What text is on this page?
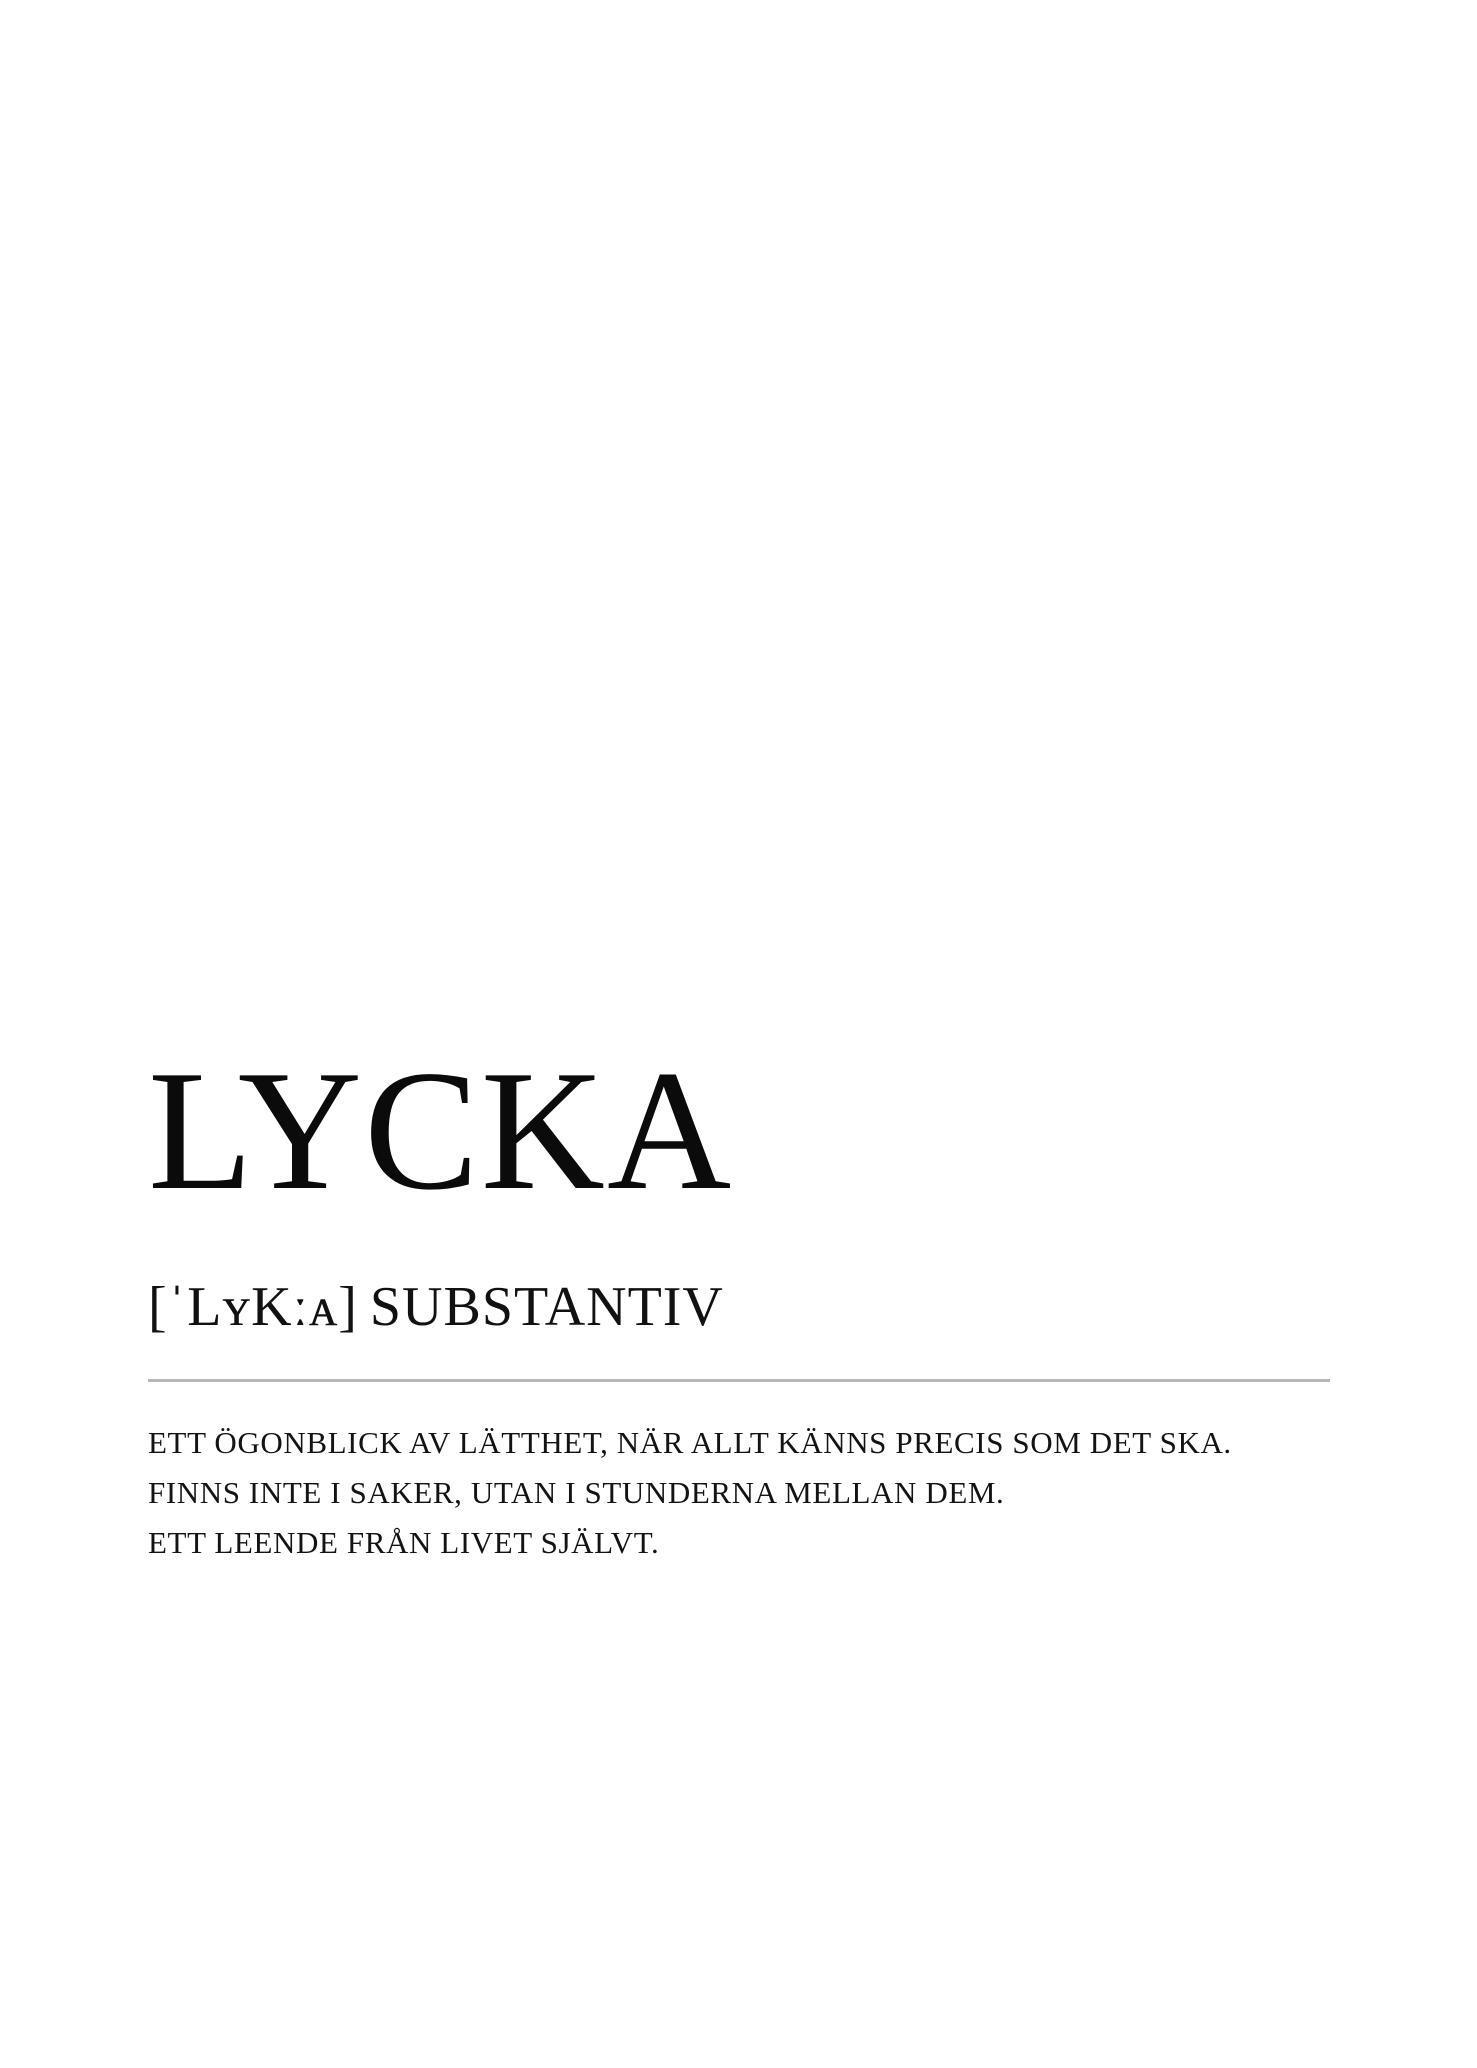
LYCKA
[ˈLʏKːᴀ] SUBSTANTIV
ETT ÖGONBLICK AV LÄTTHET, NÄR ALLT KÄNNS PRECIS SOM DET SKA.
FINNS INTE I SAKER, UTAN I STUNDERNA MELLAN DEM.
ETT LEENDE FRÅN LIVET SJÄLVT.
